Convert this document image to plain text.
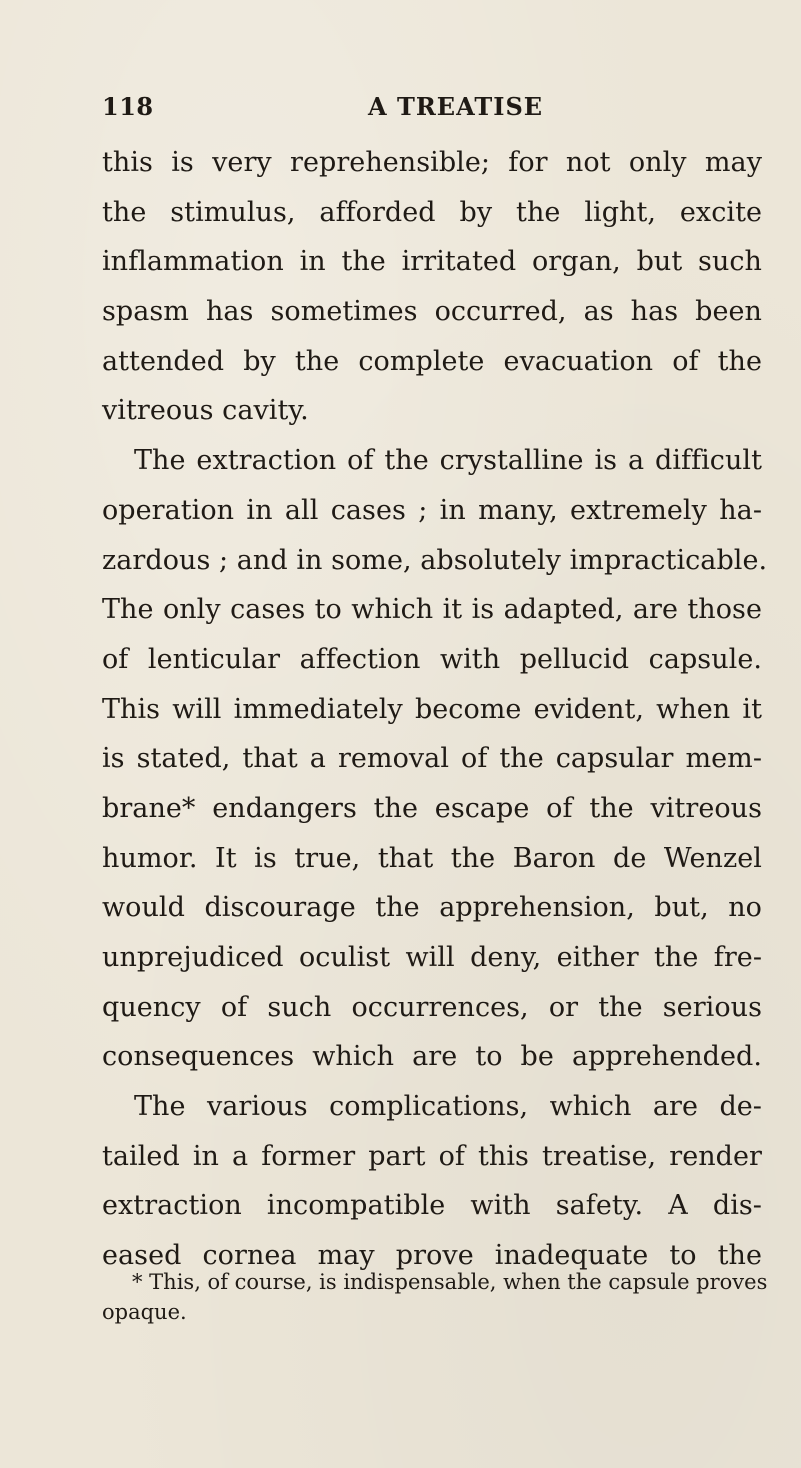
118	A TREATISE
this is very reprehensible; for not only may
the stimulus, afforded by the light, excite
inflammation in the irritated organ, but such
spasm has sometimes occurred, as has been
attended by the complete evacuation of the
vitreous cavity.
The extraction of the crystalline is a difficult
operation in all cases ; in many, extremely ha-
zardous ; and in some, absolutely impracticable.
The only cases to which it is adapted, are those
of lenticular affection with pellucid capsule.
This will immediately become evident, when it
is stated, that a removal of the capsular mem-
brane* endangers the escape of the vitreous
humor. It is true, that the Baron de Wenzel
would discourage the apprehension, but, no
unprejudiced oculist will deny, either the fre-
quency of such occurrences, or the serious
consequences which are to be apprehended.
The various complications, which are de-
tailed in a former part of this treatise, render
extraction incompatible with safety. A dis-
eased cornea may prove inadequate to the
* This, of course, is indispensable, when the capsule proves
opaque.
